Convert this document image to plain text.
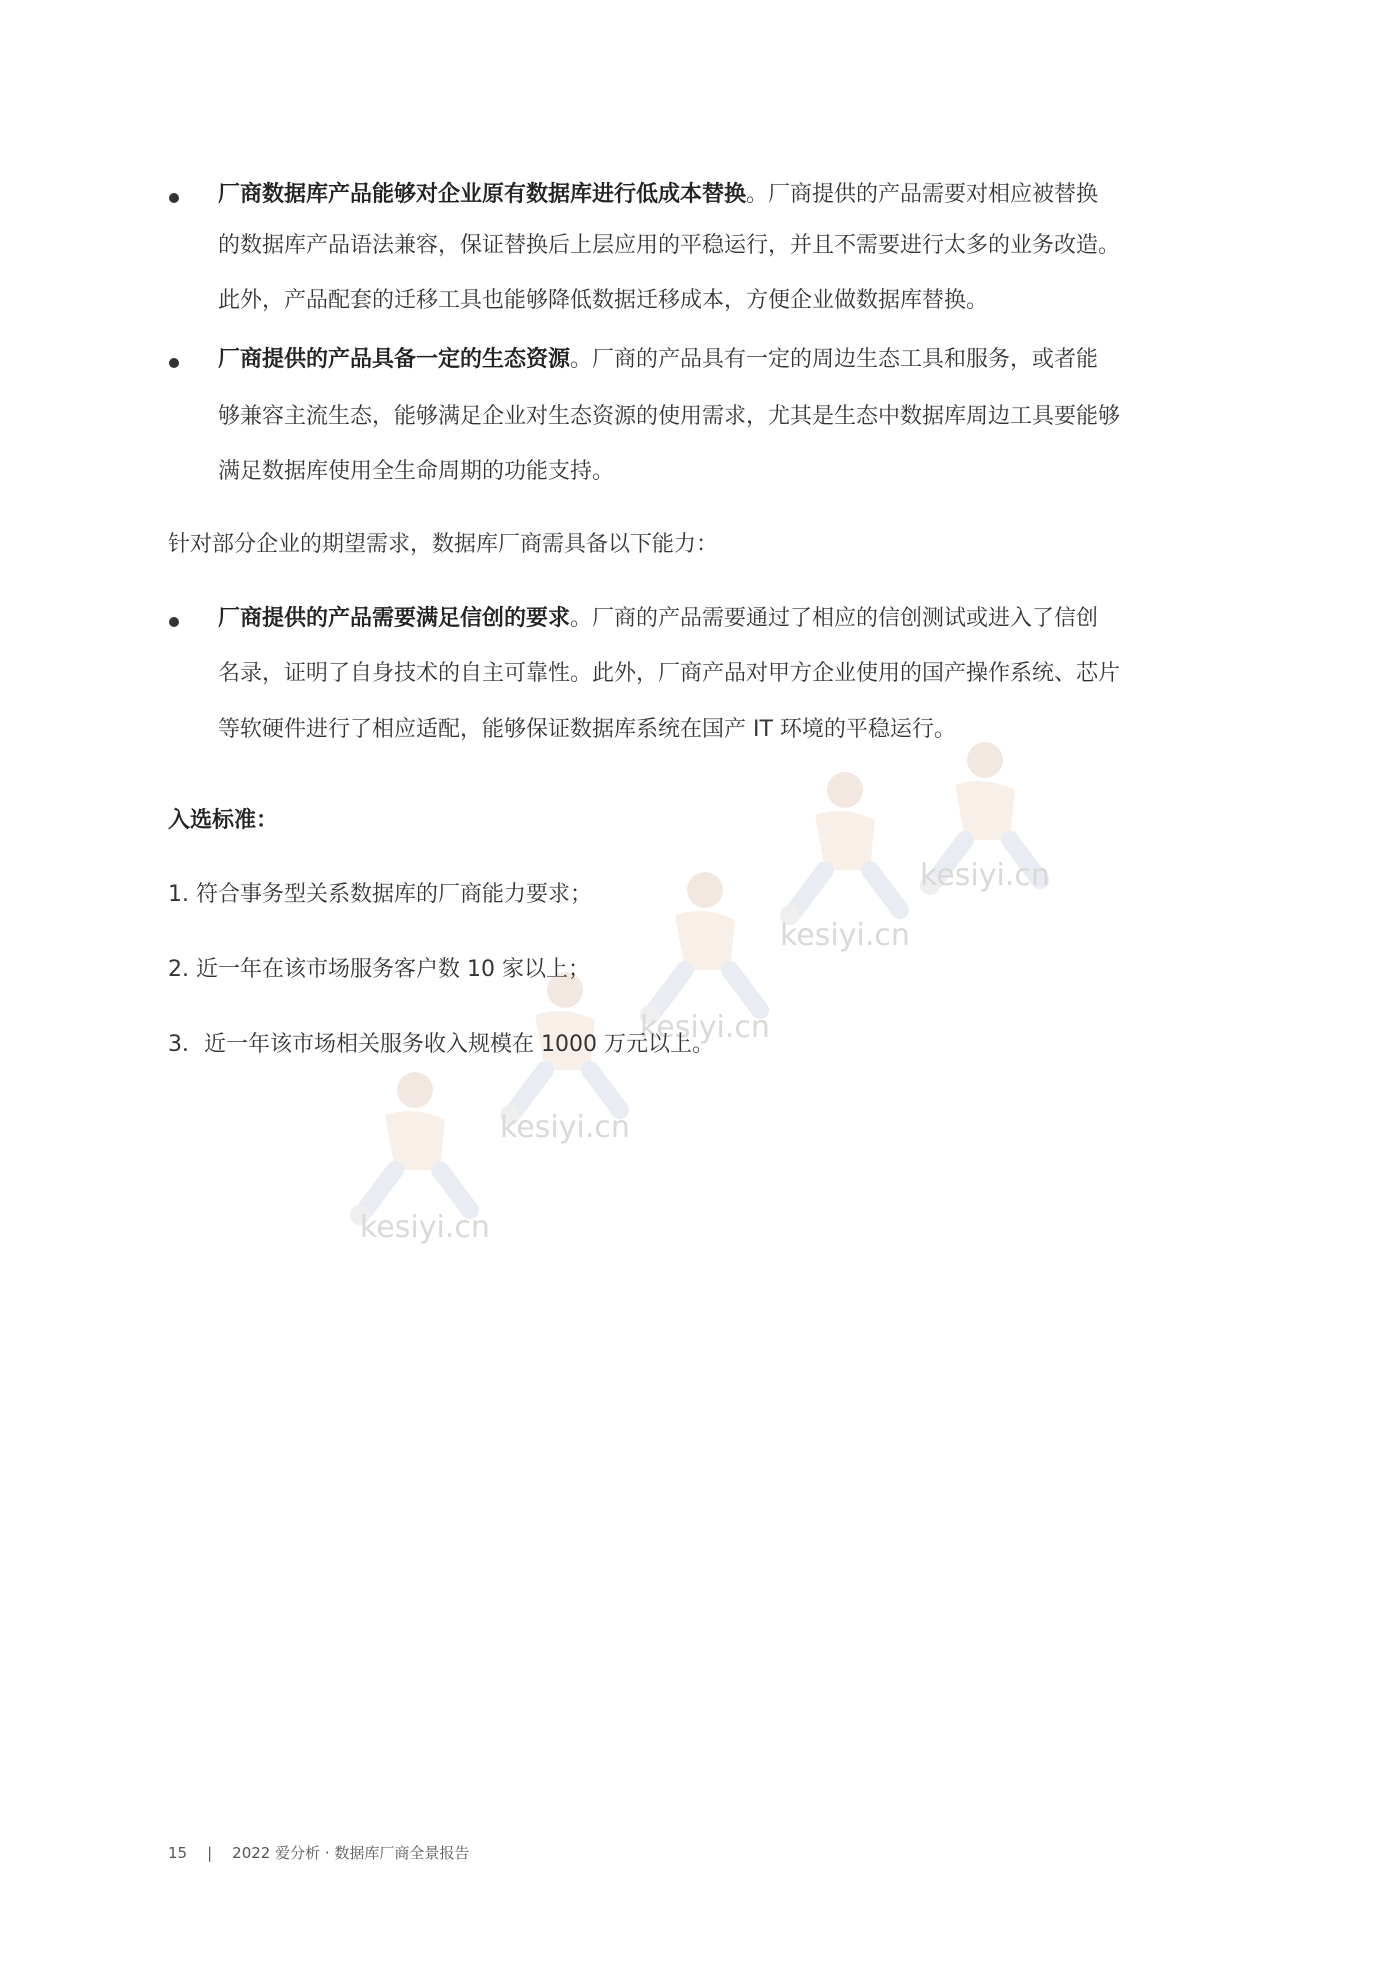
kesiyi.cn
kesiyi.cn
kesiyi.cn
kesiyi.cn
kesiyi.cn
厂商数据库产品能够对企业原有数据库进行低成本替换。厂商提供的产品需要对相应被替换
的数据库产品语法兼容，保证替换后上层应用的平稳运行，并且不需要进行太多的业务改造。
此外，产品配套的迁移工具也能够降低数据迁移成本，方便企业做数据库替换。
厂商提供的产品具备一定的生态资源。厂商的产品具有一定的周边生态工具和服务，或者能
够兼容主流生态，能够满足企业对生态资源的使用需求，尤其是生态中数据库周边工具要能够
满足数据库使用全生命周期的功能支持。
针对部分企业的期望需求，数据库厂商需具备以下能力：
厂商提供的产品需要满足信创的要求。厂商的产品需要通过了相应的信创测试或进入了信创
名录，证明了自身技术的自主可靠性。此外，厂商产品对甲方企业使用的国产操作系统、芯片
等软硬件进行了相应适配，能够保证数据库系统在国产 IT 环境的平稳运行。
入选标准：
1. 符合事务型关系数据库的厂商能力要求；
2. 近一年在该市场服务客户数 10 家以上；
3．近一年该市场相关服务收入规模在 1000 万元以上。
15 | 2022 爱分析 · 数据库厂商全景报告
